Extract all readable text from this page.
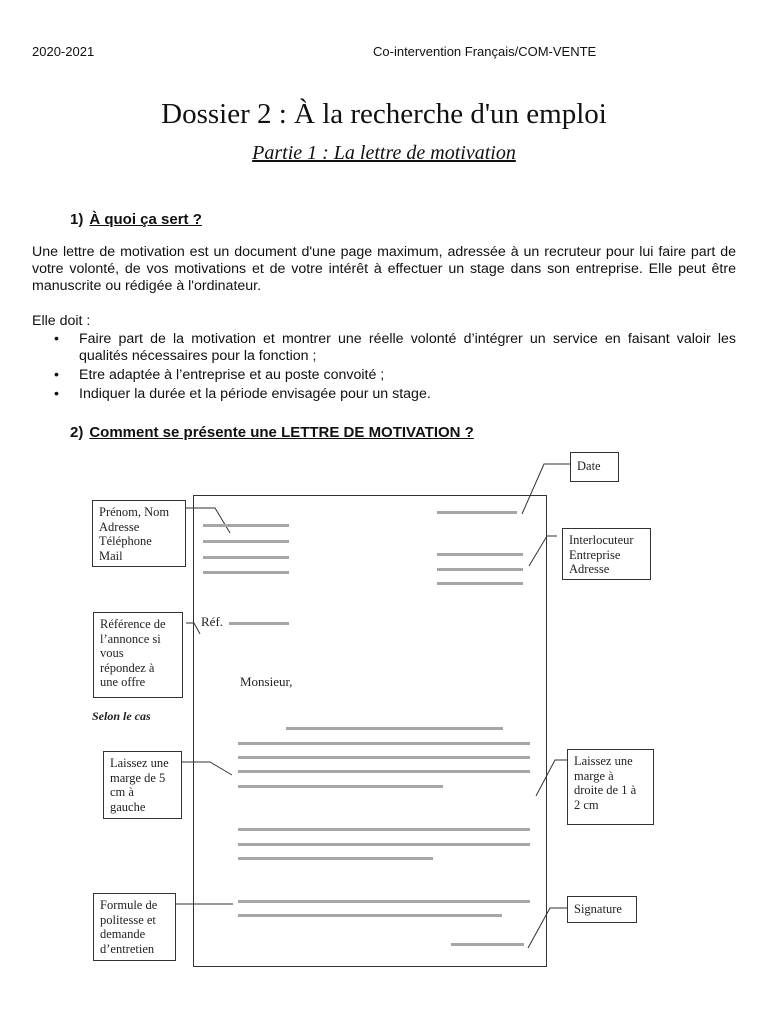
2020-2021	Co-intervention Français/COM-VENTE
Dossier 2 : À la recherche d'un emploi
Partie 1 : La lettre de motivation
1) À quoi ça sert ?
Une lettre de motivation est un document d'une page maximum, adressée à un recruteur pour lui faire part de votre volonté, de vos motivations et de votre intérêt à effectuer un stage dans son entreprise. Elle peut être manuscrite ou rédigée à l'ordinateur.
Elle doit :
• Faire part de la motivation et montrer une réelle volonté d’intégrer un service en faisant valoir les qualités nécessaires pour la fonction ;
• Etre adaptée à l’entreprise et au poste convoité ;
• Indiquer la durée et la période envisagée pour un stage.
2) Comment se présente une LETTRE DE MOTIVATION ?
Réf.
Monsieur,
Prénom, Nom
Adresse
Téléphone
Mail
Date
Interlocuteur
Entreprise
Adresse
Référence de
l’annonce si
vous
répondez à
une offre
Selon le cas
Laissez une
marge de 5
cm à
gauche
Laissez une
marge à
droite de 1 à
2 cm
Formule de
politesse et
demande
d’entretien
Signature
